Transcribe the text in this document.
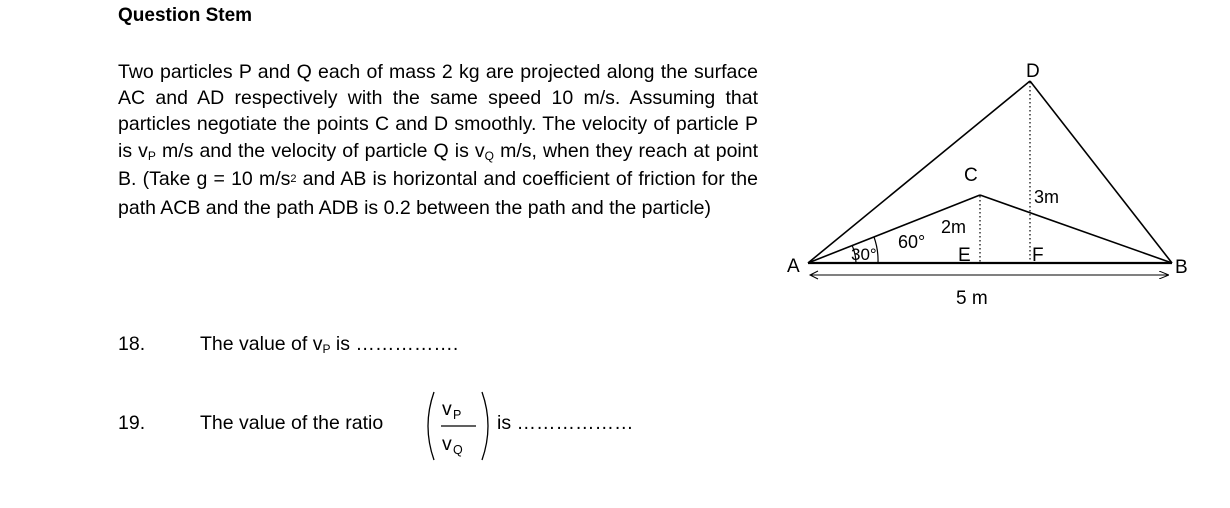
Question Stem
Two particles P and Q each of mass 2 kg are projected along the surface AC and AD respectively with the same speed 10 m/s. Assuming that particles negotiate the points C and D smoothly. The velocity of particle P is $v_P$ m/s and the velocity of particle Q is $v_Q$ m/s, when they reach at point B. (Take g = 10 $m/s^2$ and AB is horizontal and coefficient of friction for the path ACB and the path ADB is 0.2 between the path and the particle)
18.	The value of vP is …………….
19.	The value of the ratio
v P
v Q
is ………………
A	B
C
D
E	F
30°
60°
2m
3m
5 m
